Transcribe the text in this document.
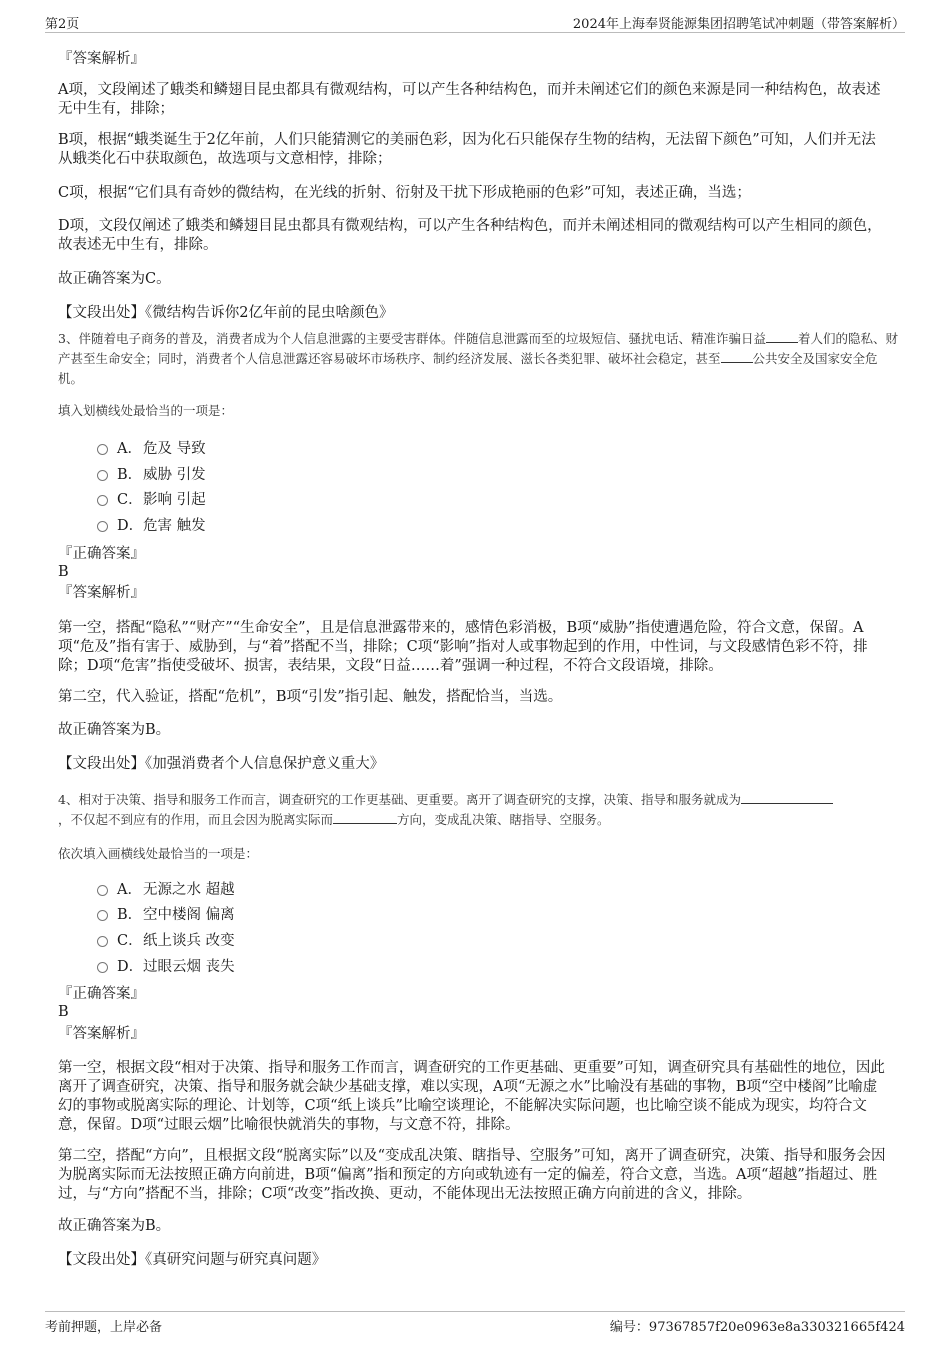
第2页	2024年上海奉贤能源集团招聘笔试冲刺题（带答案解析）

『答案解析』

A项，文段阐述了蛾类和鳞翅目昆虫都具有微观结构，可以产生各种结构色，而并未阐述它们的颜色来源是同一种结构色，故表述无中生有，排除；

B项，根据“蛾类诞生于2亿年前，人们只能猜测它的美丽色彩，因为化石只能保存生物的结构，无法留下颜色”可知，人们并无法从蛾类化石中获取颜色，故选项与文意相悖，排除；

C项，根据“它们具有奇妙的微结构，在光线的折射、衍射及干扰下形成艳丽的色彩”可知，表述正确，当选；

D项，文段仅阐述了蛾类和鳞翅目昆虫都具有微观结构，可以产生各种结构色，而并未阐述相同的微观结构可以产生相同的颜色，故表述无中生有，排除。

故正确答案为C。

【文段出处】《微结构告诉你2亿年前的昆虫啥颜色》

3、伴随着电子商务的普及，消费者成为个人信息泄露的主要受害群体。伴随信息泄露而至的垃圾短信、骚扰电话、精准诈骗日益	着人们的隐私、财产甚至生命安全；同时，消费者个人信息泄露还容易破坏市场秩序、制约经济发展、滋长各类犯罪、破坏社会稳定，甚至	公共安全及国家安全危机。

填入划横线处最恰当的一项是：

A．危及 导致
B．威胁 引发
C．影响 引起
D．危害 触发

『正确答案』

B

『答案解析』

第一空，搭配“隐私”“财产”“生命安全”，且是信息泄露带来的，感情色彩消极，B项“威胁”指使遭遇危险，符合文意，保留。A项“危及”指有害于、威胁到，与“着”搭配不当，排除；C项“影响”指对人或事物起到的作用，中性词，与文段感情色彩不符，排除；D项“危害”指使受破坏、损害，表结果，文段“日益……着”强调一种过程，不符合文段语境，排除。

第二空，代入验证，搭配“危机”，B项“引发”指引起、触发，搭配恰当，当选。

故正确答案为B。

【文段出处】《加强消费者个人信息保护意义重大》

4、相对于决策、指导和服务工作而言，调查研究的工作更基础、更重要。离开了调查研究的支撑，决策、指导和服务就成为
，不仅起不到应有的作用，而且会因为脱离实际而	方向，变成乱决策、瞎指导、空服务。

依次填入画横线处最恰当的一项是：

A．无源之水 超越
B．空中楼阁 偏离
C．纸上谈兵 改变
D．过眼云烟 丧失

『正确答案』

B

『答案解析』

第一空，根据文段“相对于决策、指导和服务工作而言，调查研究的工作更基础、更重要”可知，调查研究具有基础性的地位，因此离开了调查研究，决策、指导和服务就会缺少基础支撑，难以实现，A项“无源之水”比喻没有基础的事物，B项“空中楼阁”比喻虚幻的事物或脱离实际的理论、计划等，C项“纸上谈兵”比喻空谈理论，不能解决实际问题，也比喻空谈不能成为现实，均符合文意，保留。D项“过眼云烟”比喻很快就消失的事物，与文意不符，排除。

第二空，搭配“方向”，且根据文段“脱离实际”以及“变成乱决策、瞎指导、空服务”可知，离开了调查研究，决策、指导和服务会因为脱离实际而无法按照正确方向前进，B项“偏离”指和预定的方向或轨迹有一定的偏差，符合文意，当选。A项“超越”指超过、胜过，与“方向”搭配不当，排除；C项“改变”指改换、更动，不能体现出无法按照正确方向前进的含义，排除。

故正确答案为B。

【文段出处】《真研究问题与研究真问题》

考前押题，上岸必备	编号：97367857f20e0963e8a330321665f424
